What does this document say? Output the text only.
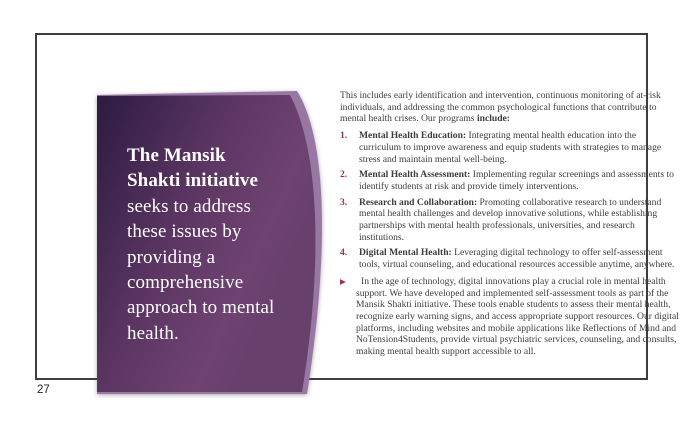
The Mansik
Shakti initiative
seeks to address
these issues by
providing a
comprehensive
approach to mental
health.

This includes early identification and intervention, continuous monitoring of at-risk individuals, and addressing the common psychological functions that contribute to mental health crises. Our programs include:

1.	Mental Health Education: Integrating mental health education into the curriculum to improve awareness and equip students with strategies to manage stress and maintain mental well-being.

2.	Mental Health Assessment: Implementing regular screenings and assessments to identify students at risk and provide timely interventions.

3.	Research and Collaboration: Promoting collaborative research to understand mental health challenges and develop innovative solutions, while establishing partnerships with mental health professionals, universities, and research institutions.

4.	Digital Mental Health: Leveraging digital technology to offer self-assessment tools, virtual counseling, and educational resources accessible anytime, anywhere.

▶	In the age of technology, digital innovations play a crucial role in mental health support. We have developed and implemented self-assessment tools as part of the Mansik Shakti initiative. These tools enable students to assess their mental health, recognize early warning signs, and access appropriate support resources. Our digital platforms, including websites and mobile applications like Reflections of Mind and NoTension4Students, provide virtual psychiatric services, counseling, and consults, making mental health support accessible to all.

27
